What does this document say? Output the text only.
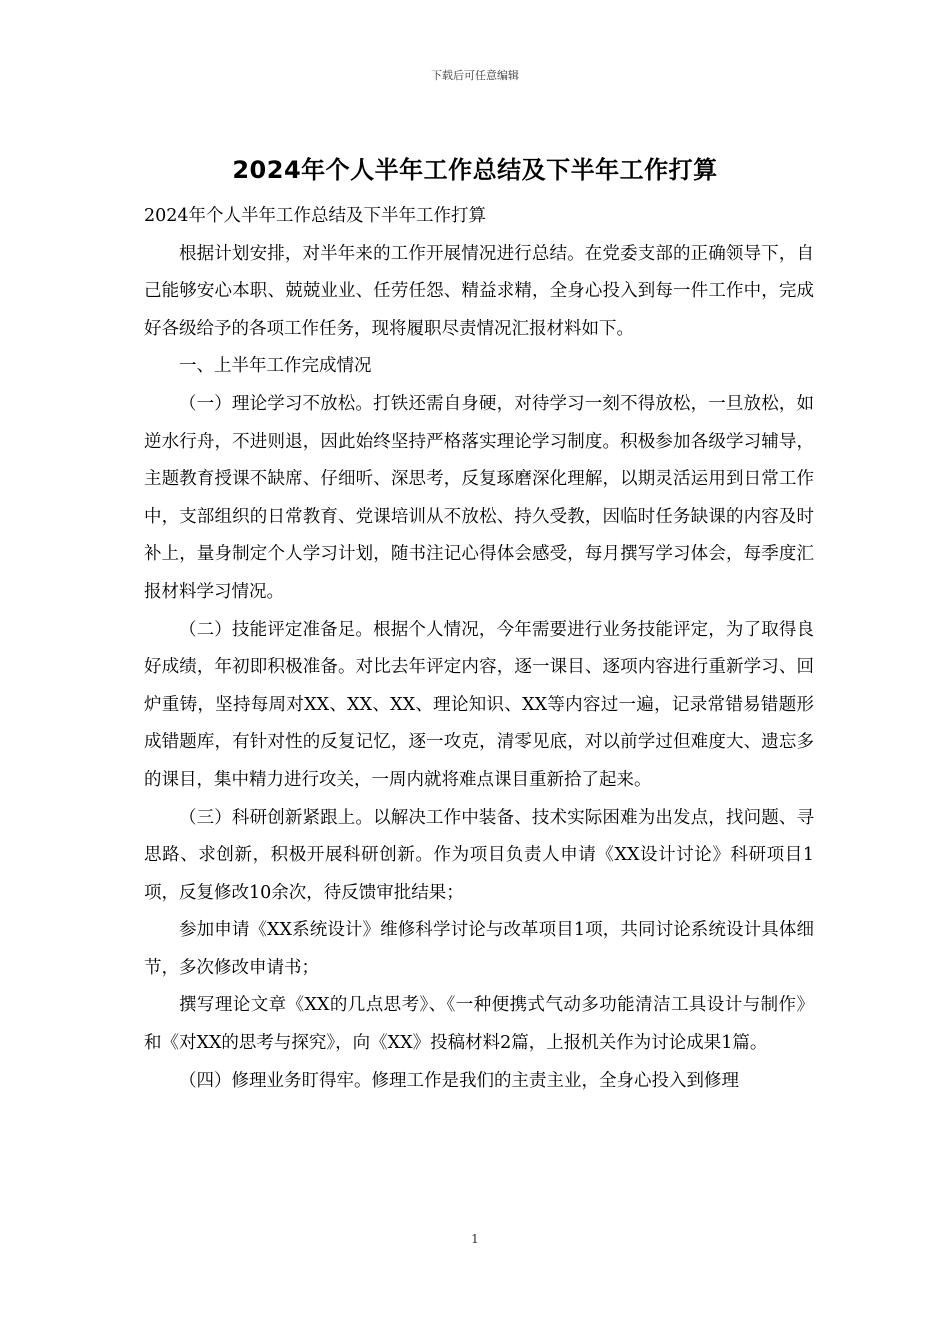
下载后可任意编辑
2024年个人半年工作总结及下半年工作打算

2024年个人半年工作总结及下半年工作打算

根据计划安排，对半年来的工作开展情况进行总结。在党委支部的正确领导下，自己能够安心本职、兢兢业业、任劳任怨、精益求精，全身心投入到每一件工作中，完成好各级给予的各项工作任务，现将履职尽责情况汇报材料如下。

一、上半年工作完成情况

（一）理论学习不放松。打铁还需自身硬，对待学习一刻不得放松，一旦放松，如逆水行舟，不进则退，因此始终坚持严格落实理论学习制度。积极参加各级学习辅导，主题教育授课不缺席、仔细听、深思考，反复琢磨深化理解，以期灵活运用到日常工作中，支部组织的日常教育、党课培训从不放松、持久受教，因临时任务缺课的内容及时补上，量身制定个人学习计划，随书注记心得体会感受，每月撰写学习体会，每季度汇报材料学习情况。

（二）技能评定准备足。根据个人情况，今年需要进行业务技能评定，为了取得良好成绩，年初即积极准备。对比去年评定内容，逐一课目、逐项内容进行重新学习、回炉重铸，坚持每周对XX、XX、XX、理论知识、XX等内容过一遍，记录常错易错题形成错题库，有针对性的反复记忆，逐一攻克，清零见底，对以前学过但难度大、遗忘多的课目，集中精力进行攻关，一周内就将难点课目重新拾了起来。

（三）科研创新紧跟上。以解决工作中装备、技术实际困难为出发点，找问题、寻思路、求创新，积极开展科研创新。作为项目负责人申请《XX设计讨论》科研项目1项，反复修改10余次，待反馈审批结果；

参加申请《XX系统设计》维修科学讨论与改革项目1项，共同讨论系统设计具体细节，多次修改申请书；

撰写理论文章《XX的几点思考》、《一种便携式气动多功能清洁工具设计与制作》和《对XX的思考与探究》，向《XX》投稿材料2篇，上报机关作为讨论成果1篇。

（四）修理业务盯得牢。修理工作是我们的主责主业，全身心投入到修理

1
